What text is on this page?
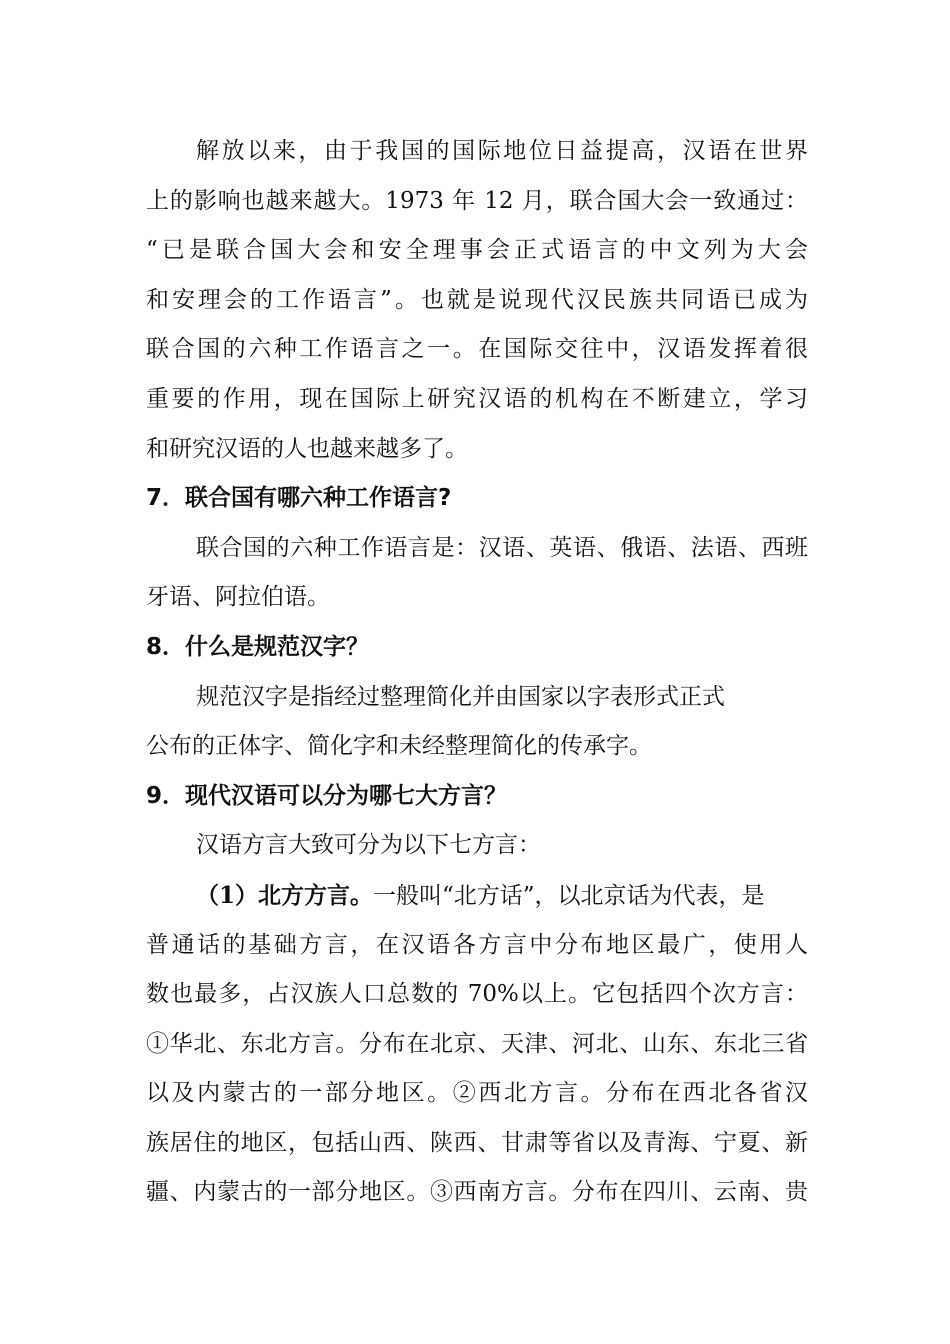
解放以来，由于我国的国际地位日益提高，汉语在世界
上的影响也越来越大。1973 年 12 月，联合国大会一致通过：
“已是联合国大会和安全理事会正式语言的中文列为大会
和安理会的工作语言”。也就是说现代汉民族共同语已成为
联合国的六种工作语言之一。在国际交往中，汉语发挥着很
重要的作用，现在国际上研究汉语的机构在不断建立，学习
和研究汉语的人也越来越多了。
7．联合国有哪六种工作语言?
联合国的六种工作语言是：汉语、英语、俄语、法语、西班
牙语、阿拉伯语。
8．什么是规范汉字？
规范汉字是指经过整理简化并由国家以字表形式正式
公布的正体字、简化字和未经整理简化的传承字。
9．现代汉语可以分为哪七大方言？
汉语方言大致可分为以下七方言：
（1）北方方言。一般叫“北方话”，以北京话为代表，是
普通话的基础方言，在汉语各方言中分布地区最广，使用人
数也最多，占汉族人口总数的 70%以上。它包括四个次方言：
①华北、东北方言。分布在北京、天津、河北、山东、东北三省
以及内蒙古的一部分地区。②西北方言。分布在西北各省汉
族居住的地区，包括山西、陕西、甘肃等省以及青海、宁夏、新
疆、内蒙古的一部分地区。③西南方言。分布在四川、云南、贵
